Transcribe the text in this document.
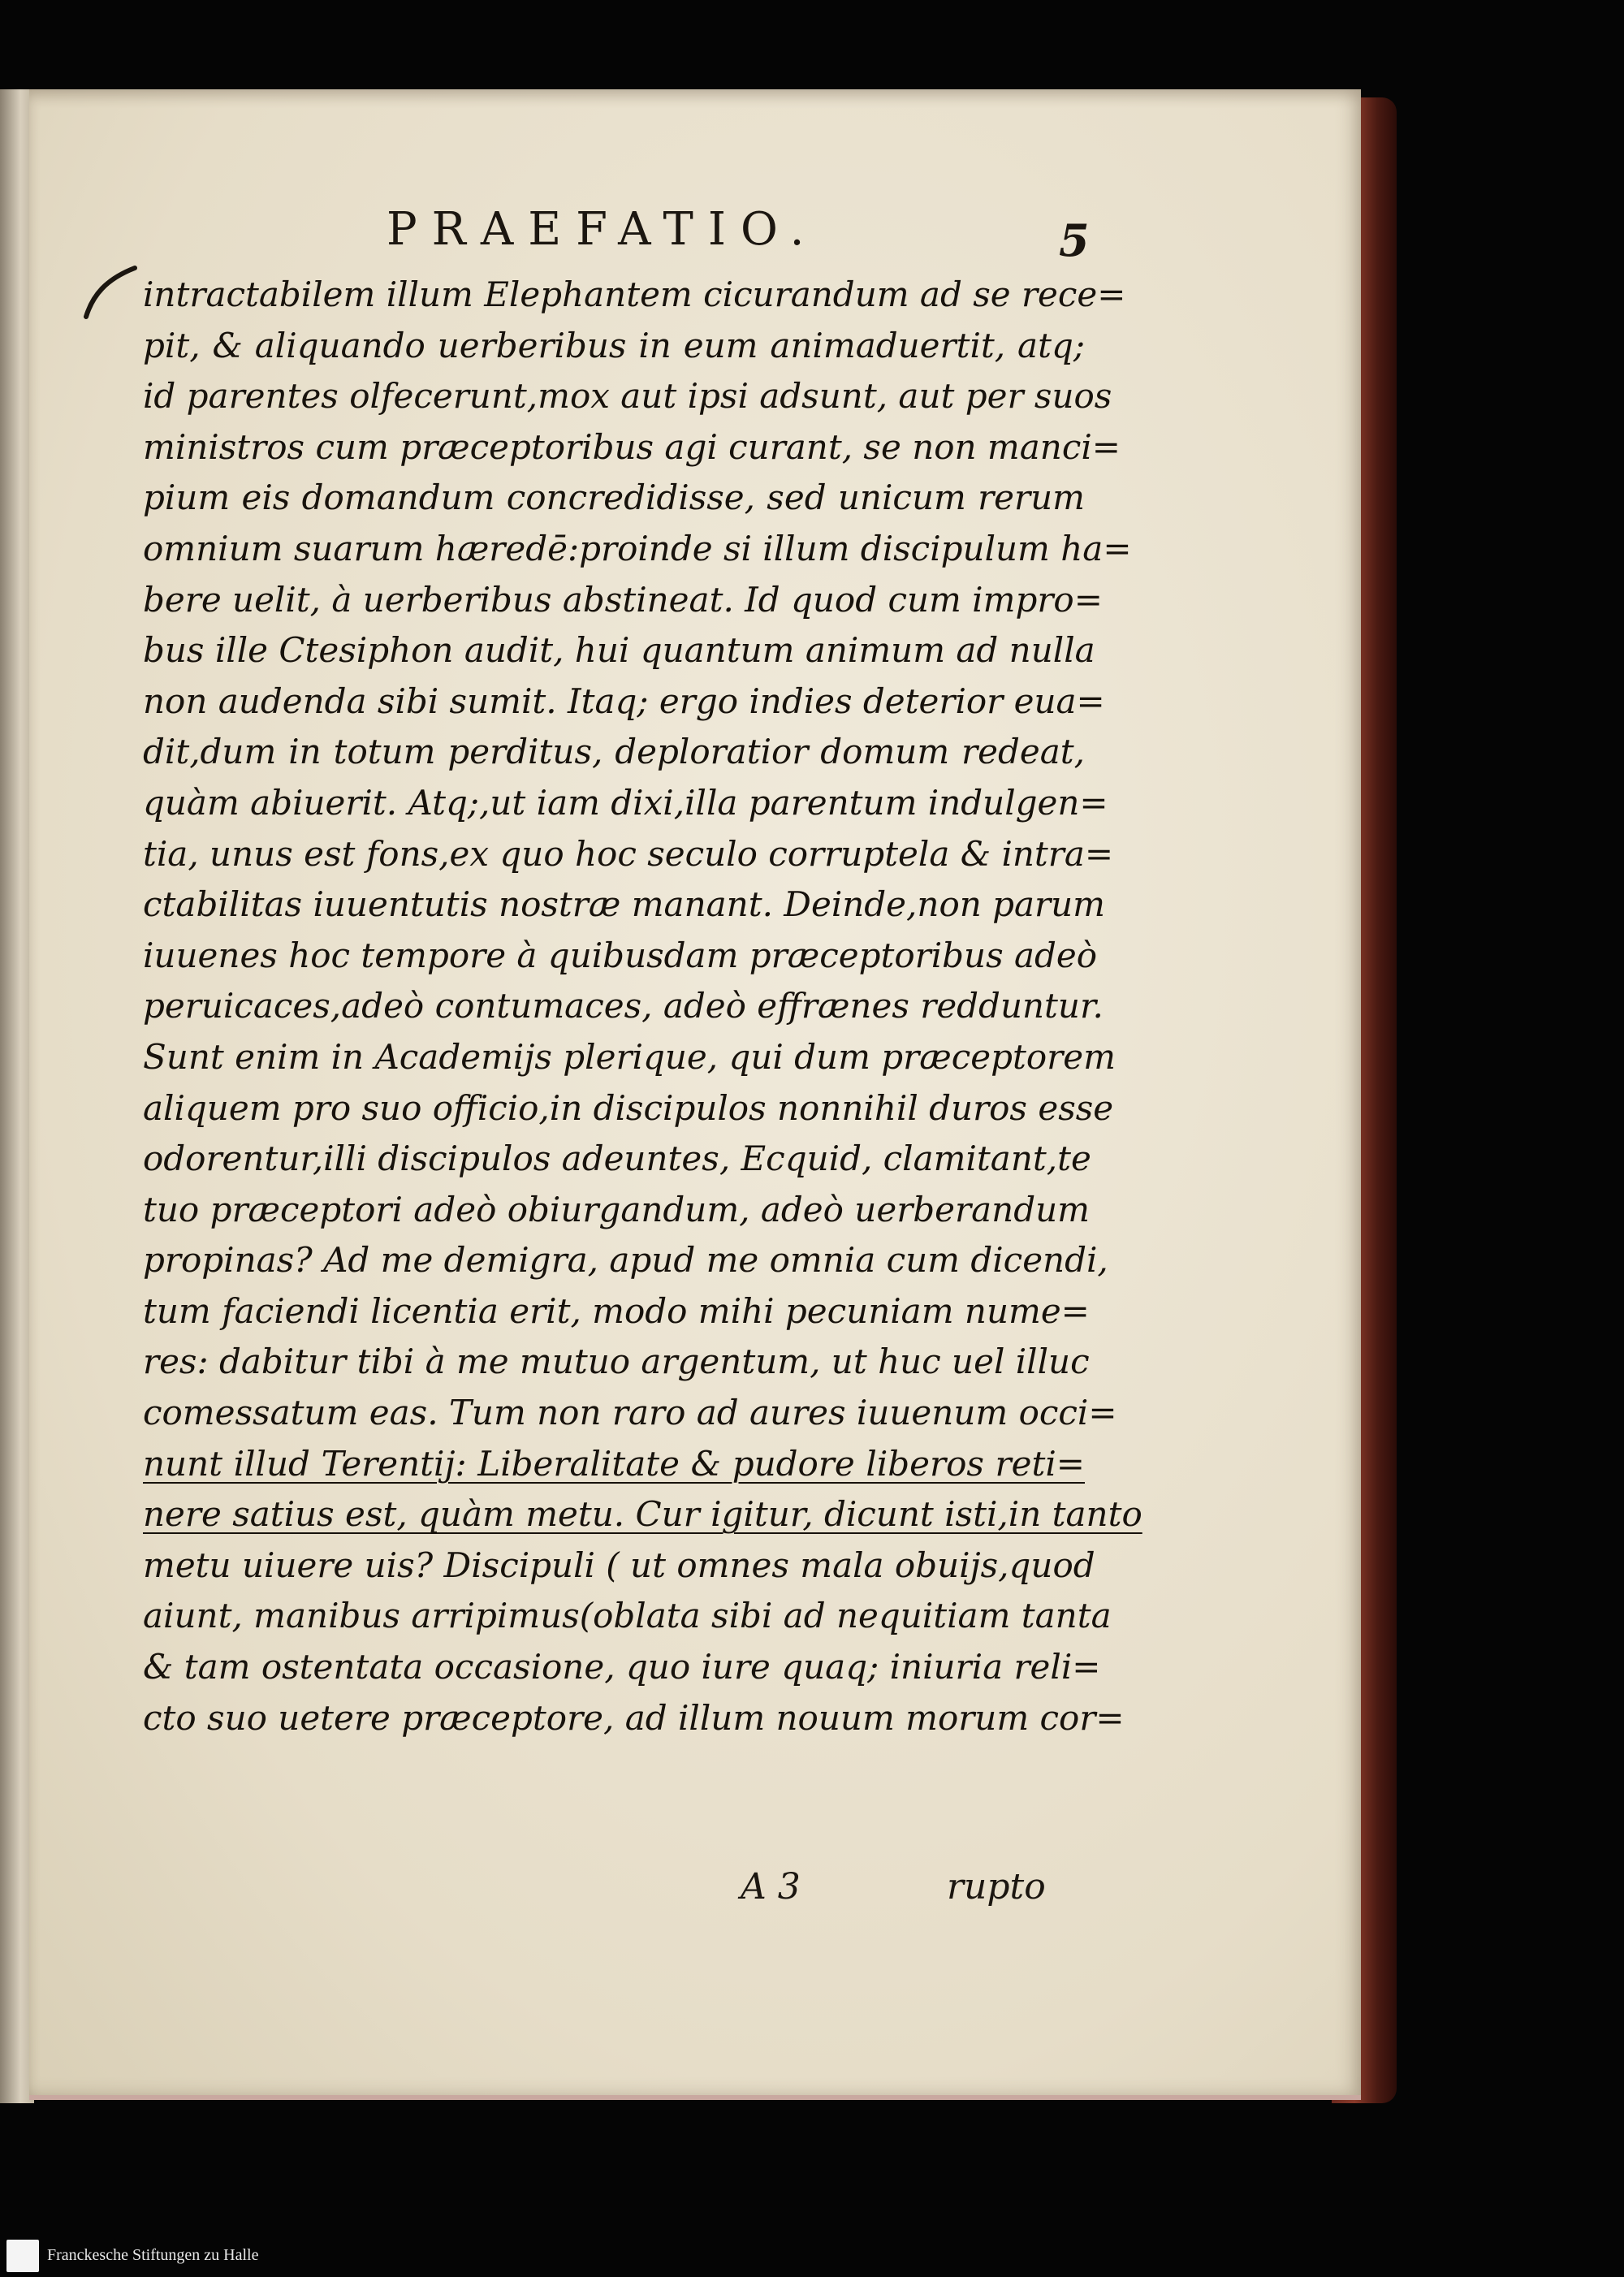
PRAEFATIO.	5
intractabilem illum Elephantem cicurandum ad se rece=
pit, & aliquando uerberibus in eum animaduertit, atq;
id parentes olfecerunt,mox aut ipsi adsunt, aut per suos
ministros cum præceptoribus agi curant, se non manci=
pium eis domandum concredidisse, sed unicum rerum
omnium suarum hæredē:proinde si illum discipulum ha=
bere uelit, à uerberibus abstineat. Id quod cum impro=
bus ille Ctesiphon audit, hui quantum animum ad nulla
non audenda sibi sumit. Itaq; ergo indies deterior eua=
dit,dum in totum perditus, deploratior domum redeat,
quàm abiuerit. Atq;,ut iam dixi,illa parentum indulgen=
tia, unus est fons,ex quo hoc seculo corruptela & intra=
ctabilitas iuuentutis nostræ manant. Deinde,non parum
iuuenes hoc tempore à quibusdam præceptoribus adeò
peruicaces,adeò contumaces, adeò effrænes redduntur.
Sunt enim in Academijs plerique, qui dum præceptorem
aliquem pro suo officio,in discipulos nonnihil duros esse
odorentur,illi discipulos adeuntes, Ecquid, clamitant,te
tuo præceptori adeò obiurgandum, adeò uerberandum
propinas? Ad me demigra, apud me omnia cum dicendi,
tum faciendi licentia erit, modo mihi pecuniam nume=
res: dabitur tibi à me mutuo argentum, ut huc uel illuc
comessatum eas. Tum non raro ad aures iuuenum occi=
nunt illud Terentij: Liberalitate & pudore liberos reti=
nere satius est, quàm metu. Cur igitur, dicunt isti,in tanto
metu uiuere uis? Discipuli ( ut omnes mala obuijs,quod
aiunt, manibus arripimus(oblata sibi ad nequitiam tanta
& tam ostentata occasione, quo iure quaq; iniuria reli=
cto suo uetere præceptore, ad illum nouum morum cor=
A 3	rupto
Franckesche Stiftungen zu Halle
